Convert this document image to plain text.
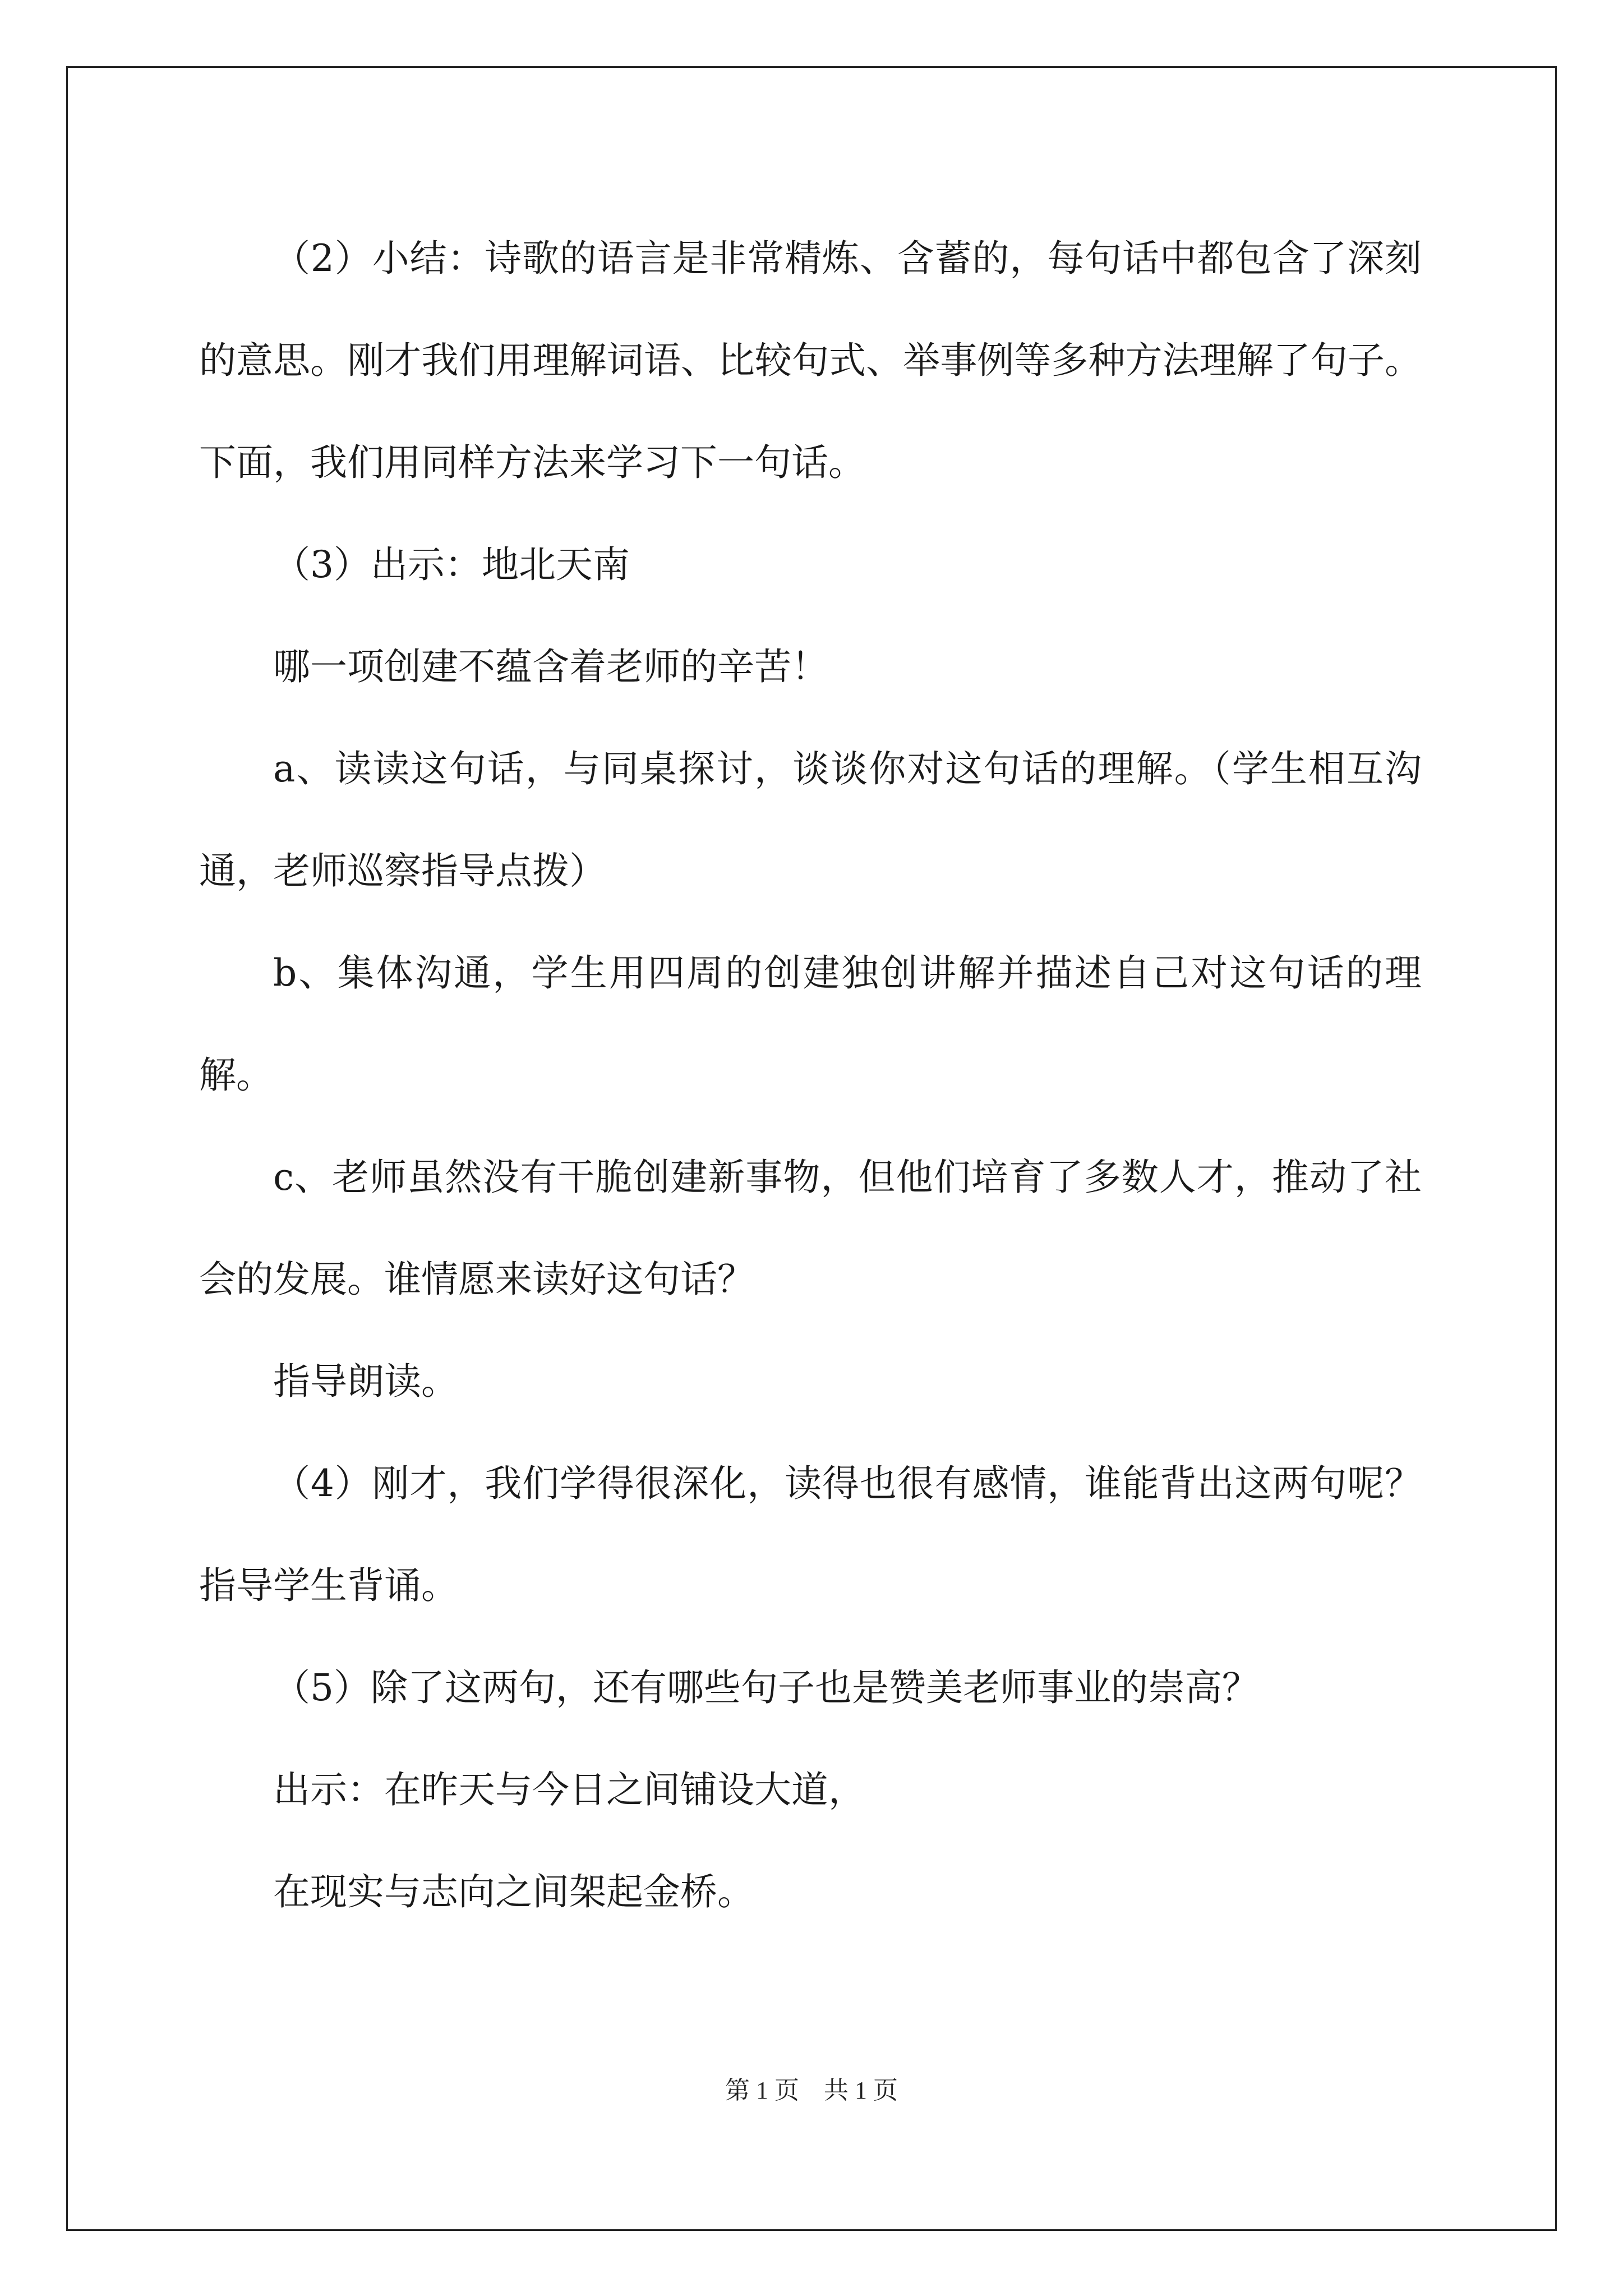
（2）小结：诗歌的语言是非常精炼、含蓄的，每句话中都包含了深刻的意思。刚才我们用理解词语、比较句式、举事例等多种方法理解了句子。下面，我们用同样方法来学习下一句话。

（3）出示：地北天南

哪一项创建不蕴含着老师的辛苦！

a、读读这句话，与同桌探讨，谈谈你对这句话的理解。（学生相互沟通，老师巡察指导点拨）

b、集体沟通，学生用四周的创建独创讲解并描述自己对这句话的理解。

c、老师虽然没有干脆创建新事物，但他们培育了多数人才，推动了社会的发展。谁情愿来读好这句话？

指导朗读。

（4）刚才，我们学得很深化，读得也很有感情，谁能背出这两句呢？指导学生背诵。

（5）除了这两句，还有哪些句子也是赞美老师事业的崇高？

出示：在昨天与今日之间铺设大道，

在现实与志向之间架起金桥。

第 1 页　共 1 页
